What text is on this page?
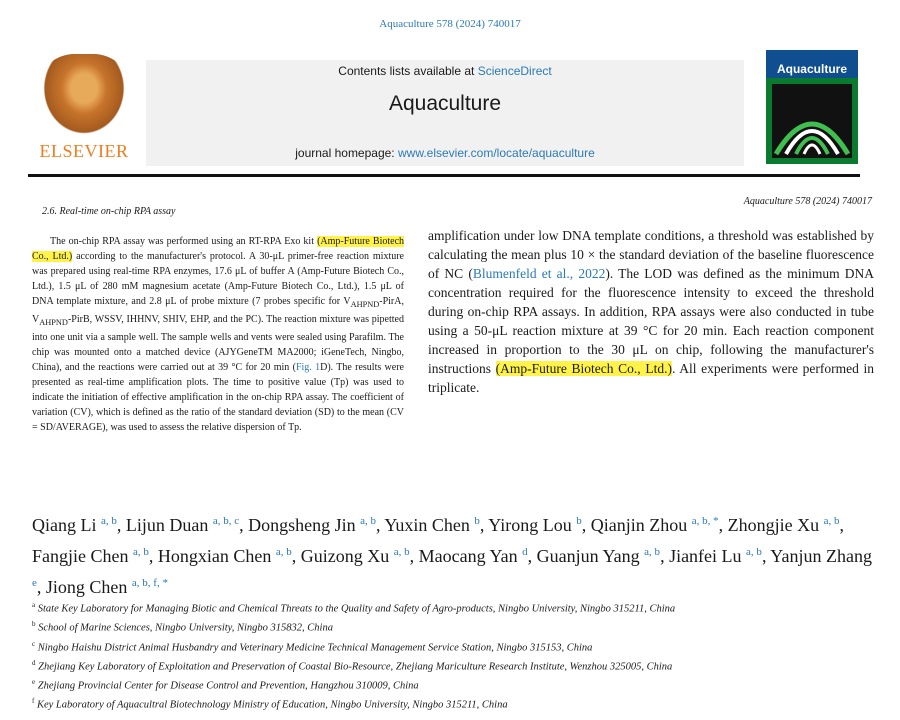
Aquaculture 578 (2024) 740017
ELSEVIER
Contents lists available at ScienceDirect
Aquaculture
journal homepage: www.elsevier.com/locate/aquaculture
Aquaculture
Aquaculture 578 (2024) 740017
2.6. Real-time on-chip RPA assay

The on-chip RPA assay was performed using an RT-RPA Exo kit (Amp-Future Biotech Co., Ltd.) according to the manufacturer's protocol. A 30-μL primer-free reaction mixture was prepared using real-time RPA enzymes, 17.6 μL of buffer A (Amp-Future Biotech Co., Ltd.), 1.5 μL of 280 mM magnesium acetate (Amp-Future Biotech Co., Ltd.), 1.5 μL of DNA template mixture, and 2.8 μL of probe mixture (7 probes specific for $V_{AHPND}$-PirA, $V_{AHPND}$-PirB, WSSV, IHHNV, SHIV, EHP, and the PC). The reaction mixture was pipetted into one unit via a sample well. The sample wells and vents were sealed using Parafilm. The chip was mounted onto a matched device (AJYGeneTM MA2000; iGeneTech, Ningbo, China), and the reactions were carried out at 39 °C for 20 min (Fig. 1D). The results were presented as real-time amplification plots. The time to positive value (Tp) was used to indicate the initiation of effective amplification in the on-chip RPA assay. The coefficient of variation (CV), which is defined as the ratio of the standard deviation (SD) to the mean (CV = SD/AVERAGE), was used to assess the relative dispersion of Tp.

amplification under low DNA template conditions, a threshold was established by calculating the mean plus 10 × the standard deviation of the baseline fluorescence of NC (Blumenfeld et al., 2022). The LOD was defined as the minimum DNA concentration required for the fluorescence intensity to exceed the threshold during on-chip RPA assays. In addition, RPA assays were also conducted in tube using a 50-μL reaction mixture at 39 °C for 20 min. Each reaction component increased in proportion to the 30 μL on chip, following the manufacturer's instructions (Amp-Future Biotech Co., Ltd.). All experiments were performed in triplicate.

Qiang Li $^{a, b}$, Lijun Duan $^{a, b, c}$, Dongsheng Jin $^{a, b}$, Yuxin Chen $^b$, Yirong Lou $^b$, Qianjin Zhou $^{a, b, *}$, Zhongjie Xu $^{a, b}$, Fangjie Chen $^{a, b}$, Hongxian Chen $^{a, b}$, Guizong Xu $^{a, b}$, Maocang Yan $^d$, Guanjun Yang $^{a, b}$, Jianfei Lu $^{a, b}$, Yanjun Zhang $^e$, Jiong Chen $^{a, b, f, *}$
$^a$ State Key Laboratory for Managing Biotic and Chemical Threats to the Quality and Safety of Agro-products, Ningbo University, Ningbo 315211, China
$^b$ School of Marine Sciences, Ningbo University, Ningbo 315832, China
$^c$ Ningbo Haishu District Animal Husbandry and Veterinary Medicine Technical Management Service Station, Ningbo 315153, China
$^d$ Zhejiang Key Laboratory of Exploitation and Preservation of Coastal Bio-Resource, Zhejiang Mariculture Research Institute, Wenzhou 325005, China
$^e$ Zhejiang Provincial Center for Disease Control and Prevention, Hangzhou 310009, China
$^f$ Key Laboratory of Aquacultral Biotechnology Ministry of Education, Ningbo University, Ningbo 315211, China
